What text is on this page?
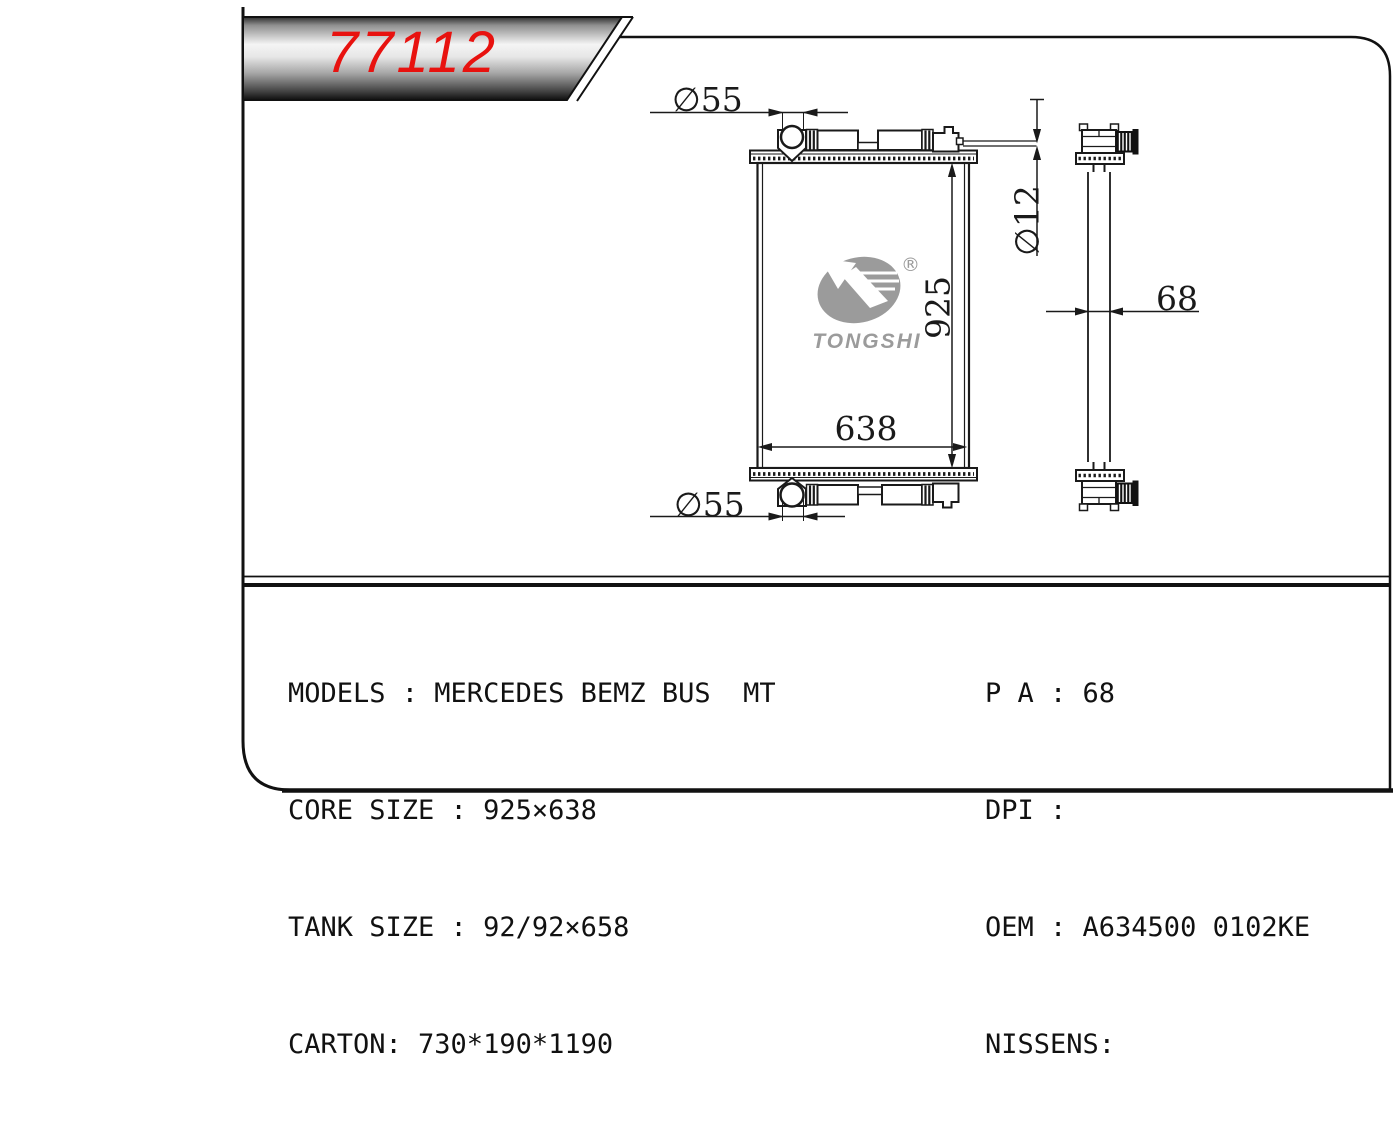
77112
®
TONGSHI
∅55
∅55
925
638
∅12
68

MODELS : MERCEDES BEMZ BUS  MT

CORE SIZE : 925×638

TANK SIZE : 92/92×658

CARTON: 730*190*1190

P A : 68

DPI :

OEM : A634500 0102KE

NISSENS:
